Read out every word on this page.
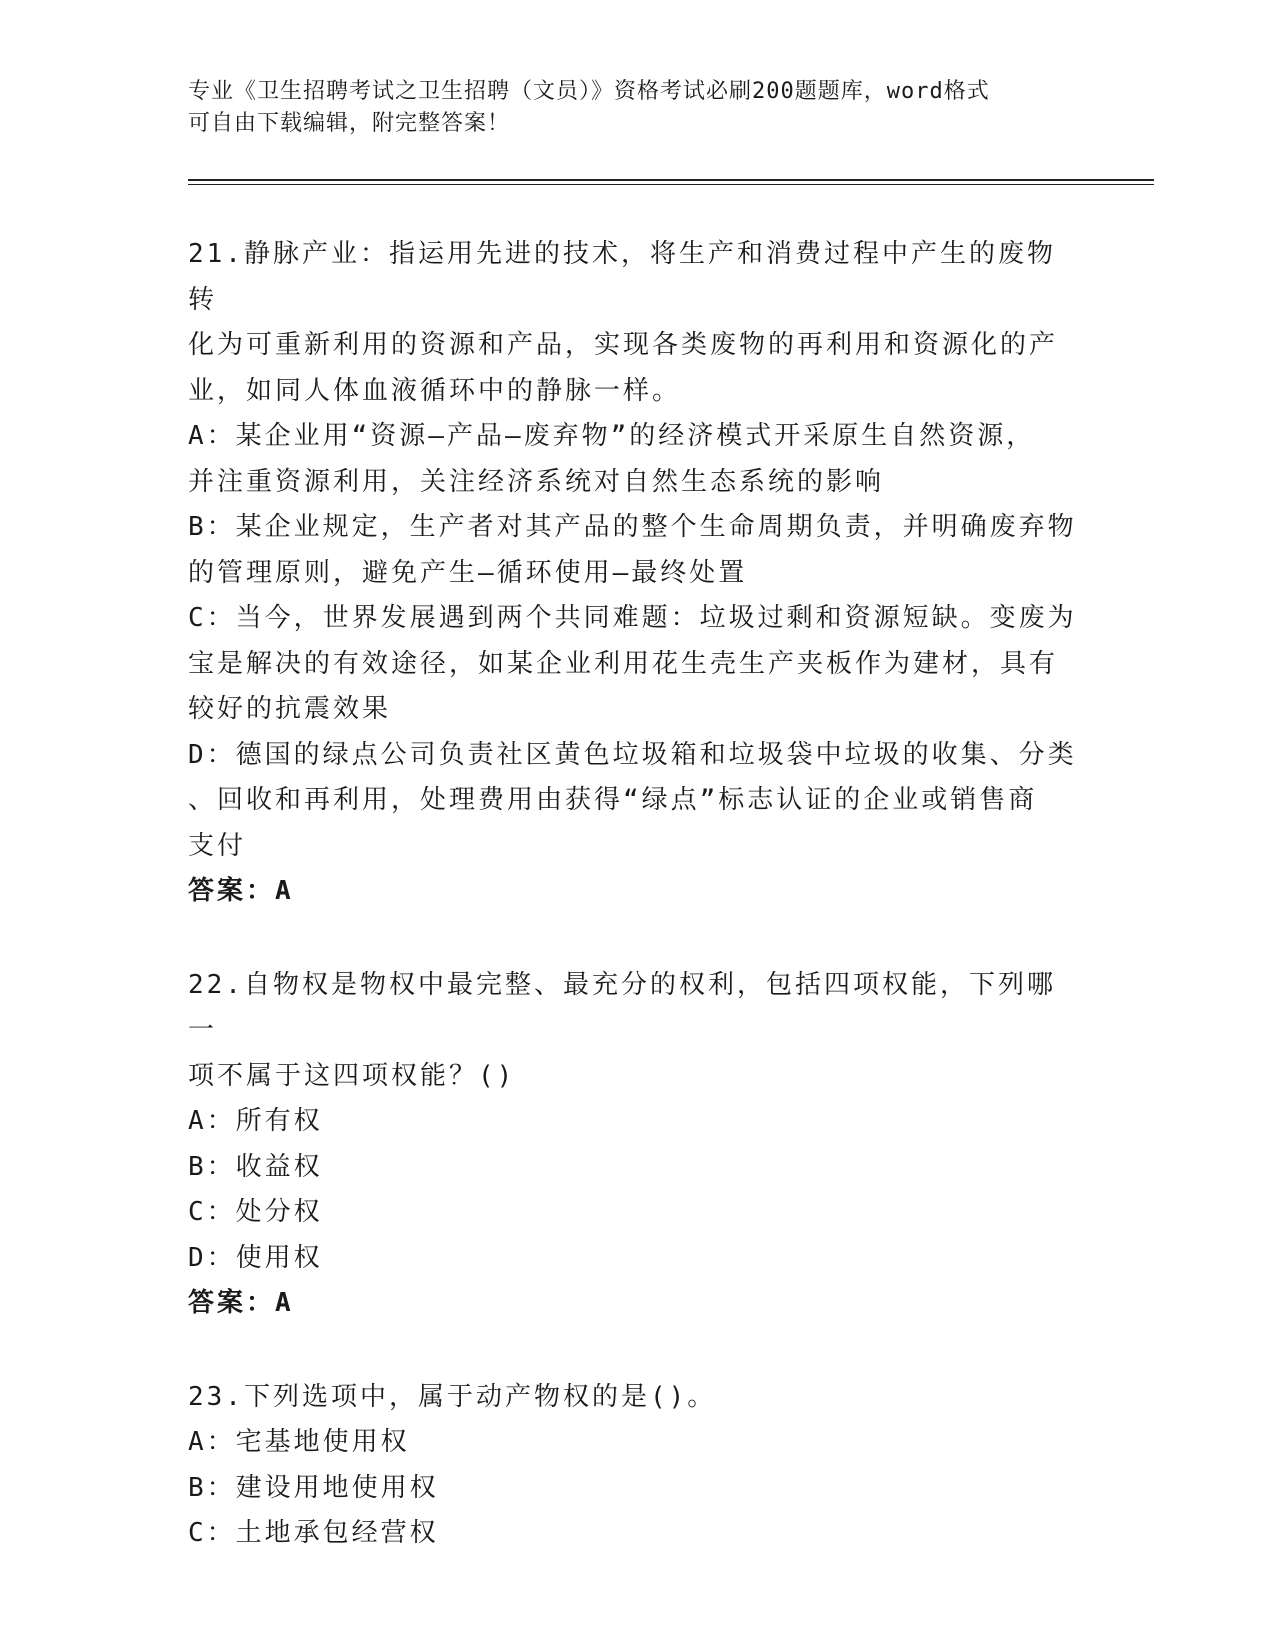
专业《卫生招聘考试之卫生招聘（文员）》资格考试必刷200题题库，word格式
可自由下载编辑，附完整答案！
21.静脉产业：指运用先进的技术，将生产和消费过程中产生的废物转
化为可重新利用的资源和产品，实现各类废物的再利用和资源化的产
业，如同人体血液循环中的静脉一样。
A：某企业用“资源—产品—废弃物”的经济模式开采原生自然资源，
并注重资源利用，关注经济系统对自然生态系统的影响
B：某企业规定，生产者对其产品的整个生命周期负责，并明确废弃物
的管理原则，避免产生—循环使用—最终处置
C：当今，世界发展遇到两个共同难题：垃圾过剩和资源短缺。变废为
宝是解决的有效途径，如某企业利用花生壳生产夹板作为建材，具有
较好的抗震效果
D：德国的绿点公司负责社区黄色垃圾箱和垃圾袋中垃圾的收集、分类
、回收和再利用，处理费用由获得“绿点”标志认证的企业或销售商
支付
答案：A
22.自物权是物权中最完整、最充分的权利，包括四项权能，下列哪一
项不属于这四项权能？()
A：所有权
B：收益权
C：处分权
D：使用权
答案：A
23.下列选项中，属于动产物权的是()。
A：宅基地使用权
B：建设用地使用权
C：土地承包经营权
